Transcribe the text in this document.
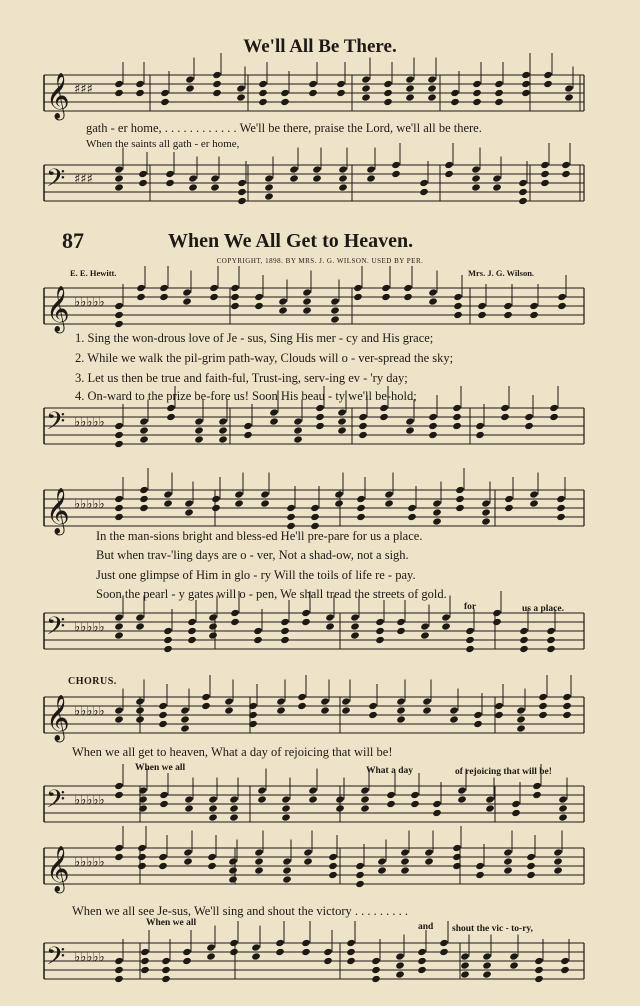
We'll All Be There.
gath - er home, . . . . . . . . . . . . We'll be there, praise the Lord, we'll all be there.
When the saints all gath - er home,
87	When We All Get to Heaven.
COPYRIGHT, 1898. BY MRS. J. G. WILSON. USED BY PER.
E. E. Hewitt.	Mrs. J. G. Wilson.
1. Sing the won-drous love of Je - sus, Sing His mer - cy and His grace;
2. While we walk the pil-grim path-way, Clouds will o - ver-spread the sky;
3. Let us then be true and faith-ful, Trust-ing, serv-ing ev - 'ry day;
4. On-ward to the prize be-fore us! Soon His beau - ty we'll be-hold;
In the man-sions bright and bless-ed He'll pre-pare for us a place.
But when trav-'ling days are o - ver, Not a shad-ow, not a sigh.
Just one glimpse of Him in glo - ry Will the toils of life re - pay.
Soon the pearl - y gates will o - pen, We shall tread the streets of gold.
for	us a place.
CHORUS.
When we all get to heaven, What a day of rejoicing that will be!
When we all	What a day	of rejoicing that will be!
When we all see Je-sus, We'll sing and shout the victory . . . . . . . . .
When we all	and shout the vic - to-ry,
𝄞 ♯♯♯
𝄢 ♯♯♯
𝄞 ♭♭♭♭♭
𝄢 ♭♭♭♭♭
𝄞 ♭♭♭♭♭
𝄢 ♭♭♭♭♭
𝄞 ♭♭♭♭♭
𝄢 ♭♭♭♭♭
𝄞 ♭♭♭♭♭
𝄢 ♭♭♭♭♭
